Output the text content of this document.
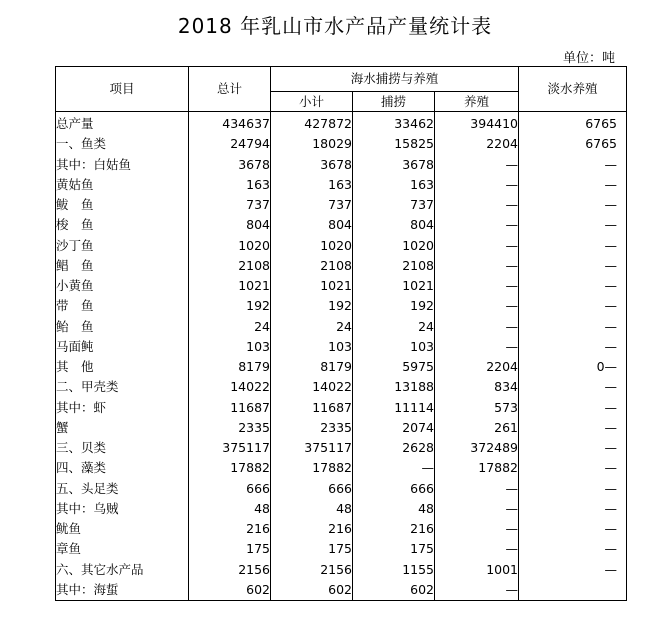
2018 年乳山市水产品产量统计表
单位：吨
项目	总计	海水捕捞与养殖			淡水养殖
		小计	捕捞	养殖	
总产量	434637	427872	33462	394410	6765
一、鱼类	24794	18029	15825	2204	6765
其中：白姑鱼	3678	3678	3678	—	—
黄姑鱼	163	163	163	—	—
鲅　鱼	737	737	737	—	—
梭　鱼	804	804	804	—	—
沙丁鱼	1020	1020	1020	—	—
鲳　鱼	2108	2108	2108	—	—
小黄鱼	1021	1021	1021	—	—
带　鱼	192	192	192	—	—
鲐　鱼	24	24	24	—	—
马面鲀	103	103	103	—	—
其　他	8179	8179	5975	2204	0—
二、甲壳类	14022	14022	13188	834	—
其中：虾	11687	11687	11114	573	—
蟹	2335	2335	2074	261	—
三、贝类	375117	375117	2628	372489	—
四、藻类	17882	17882	—	17882	—
五、头足类	666	666	666	—	—
其中：乌贼	48	48	48	—	—
鱿鱼	216	216	216	—	—
章鱼	175	175	175	—	—
六、其它水产品	2156	2156	1155	1001	—
其中：海蜇	602	602	602	—	
